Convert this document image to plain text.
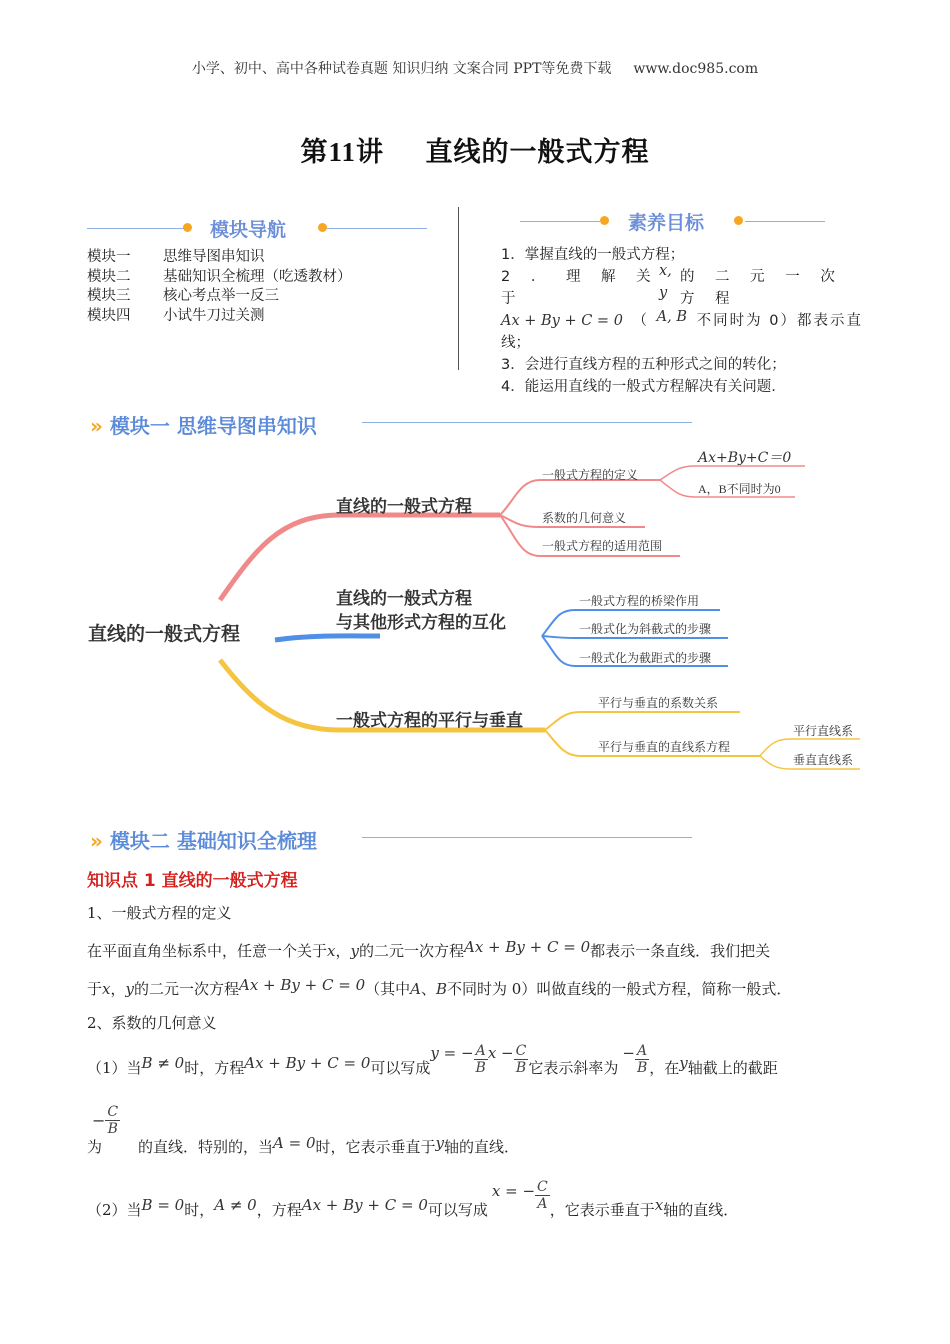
小学、初中、高中各种试卷真题 知识归纳 文案合同 PPT等免费下载 www.doc985.com
第11讲    直线的一般式方程
模块导航
模块一 思维导图串知识
模块二 基础知识全梳理（吃透教材）
模块三 核心考点举一反三
模块四 小试牛刀过关测
素养目标
1．掌握直线的一般式方程；
2 ． 理 解 关 于
x, y
的 二 元 一 次 方 程
Ax + By + C = 0 （ A, B 不同时为 0）都表示直
线；
3．会进行直线方程的五种形式之间的转化；
4．能运用直线的一般式方程解决有关问题.
» 模块一 思维导图串知识
直线的一般式方程
直线的一般式方程
一般式方程的定义
系数的几何意义
一般式方程的适用范围
Ax+By+C＝0
A，B不同时为0
直线的一般式方程
与其他形式方程的互化
一般式方程的桥梁作用
一般式化为斜截式的步骤
一般式化为截距式的步骤
一般式方程的平行与垂直
平行与垂直的系数关系
平行与垂直的直线系方程
平行直线系
垂直直线系
» 模块二 基础知识全梳理
知识点 1 直线的一般式方程
1、一般式方程的定义
在平面直角坐标系中，任意一个关于x，y的二元一次方程Ax + By + C = 0都表示一条直线．我们把关
于x，y的二元一次方程Ax + By + C = 0（其中A、B不同时为 0）叫做直线的一般式方程，简称一般式．
2、系数的几何意义
（1）当 B ≠ 0 时，方程 Ax + By + C = 0 可以写成
y = − $\frac{A}{B}$ $x - \frac{C}{B}$ 它表示斜率为
− $\frac{A}{B}$ ，在 y 轴截上的截距
− $\frac{C}{B}$
为 的直线．特别的，当A = 0时，它表示垂直于y轴的直线．
（2）当 B = 0 时， A ≠ 0 ，方程 Ax + By + C = 0 可以写成
x = − $\frac{C}{A}$ ，它表示垂直于 x 轴的直线．
